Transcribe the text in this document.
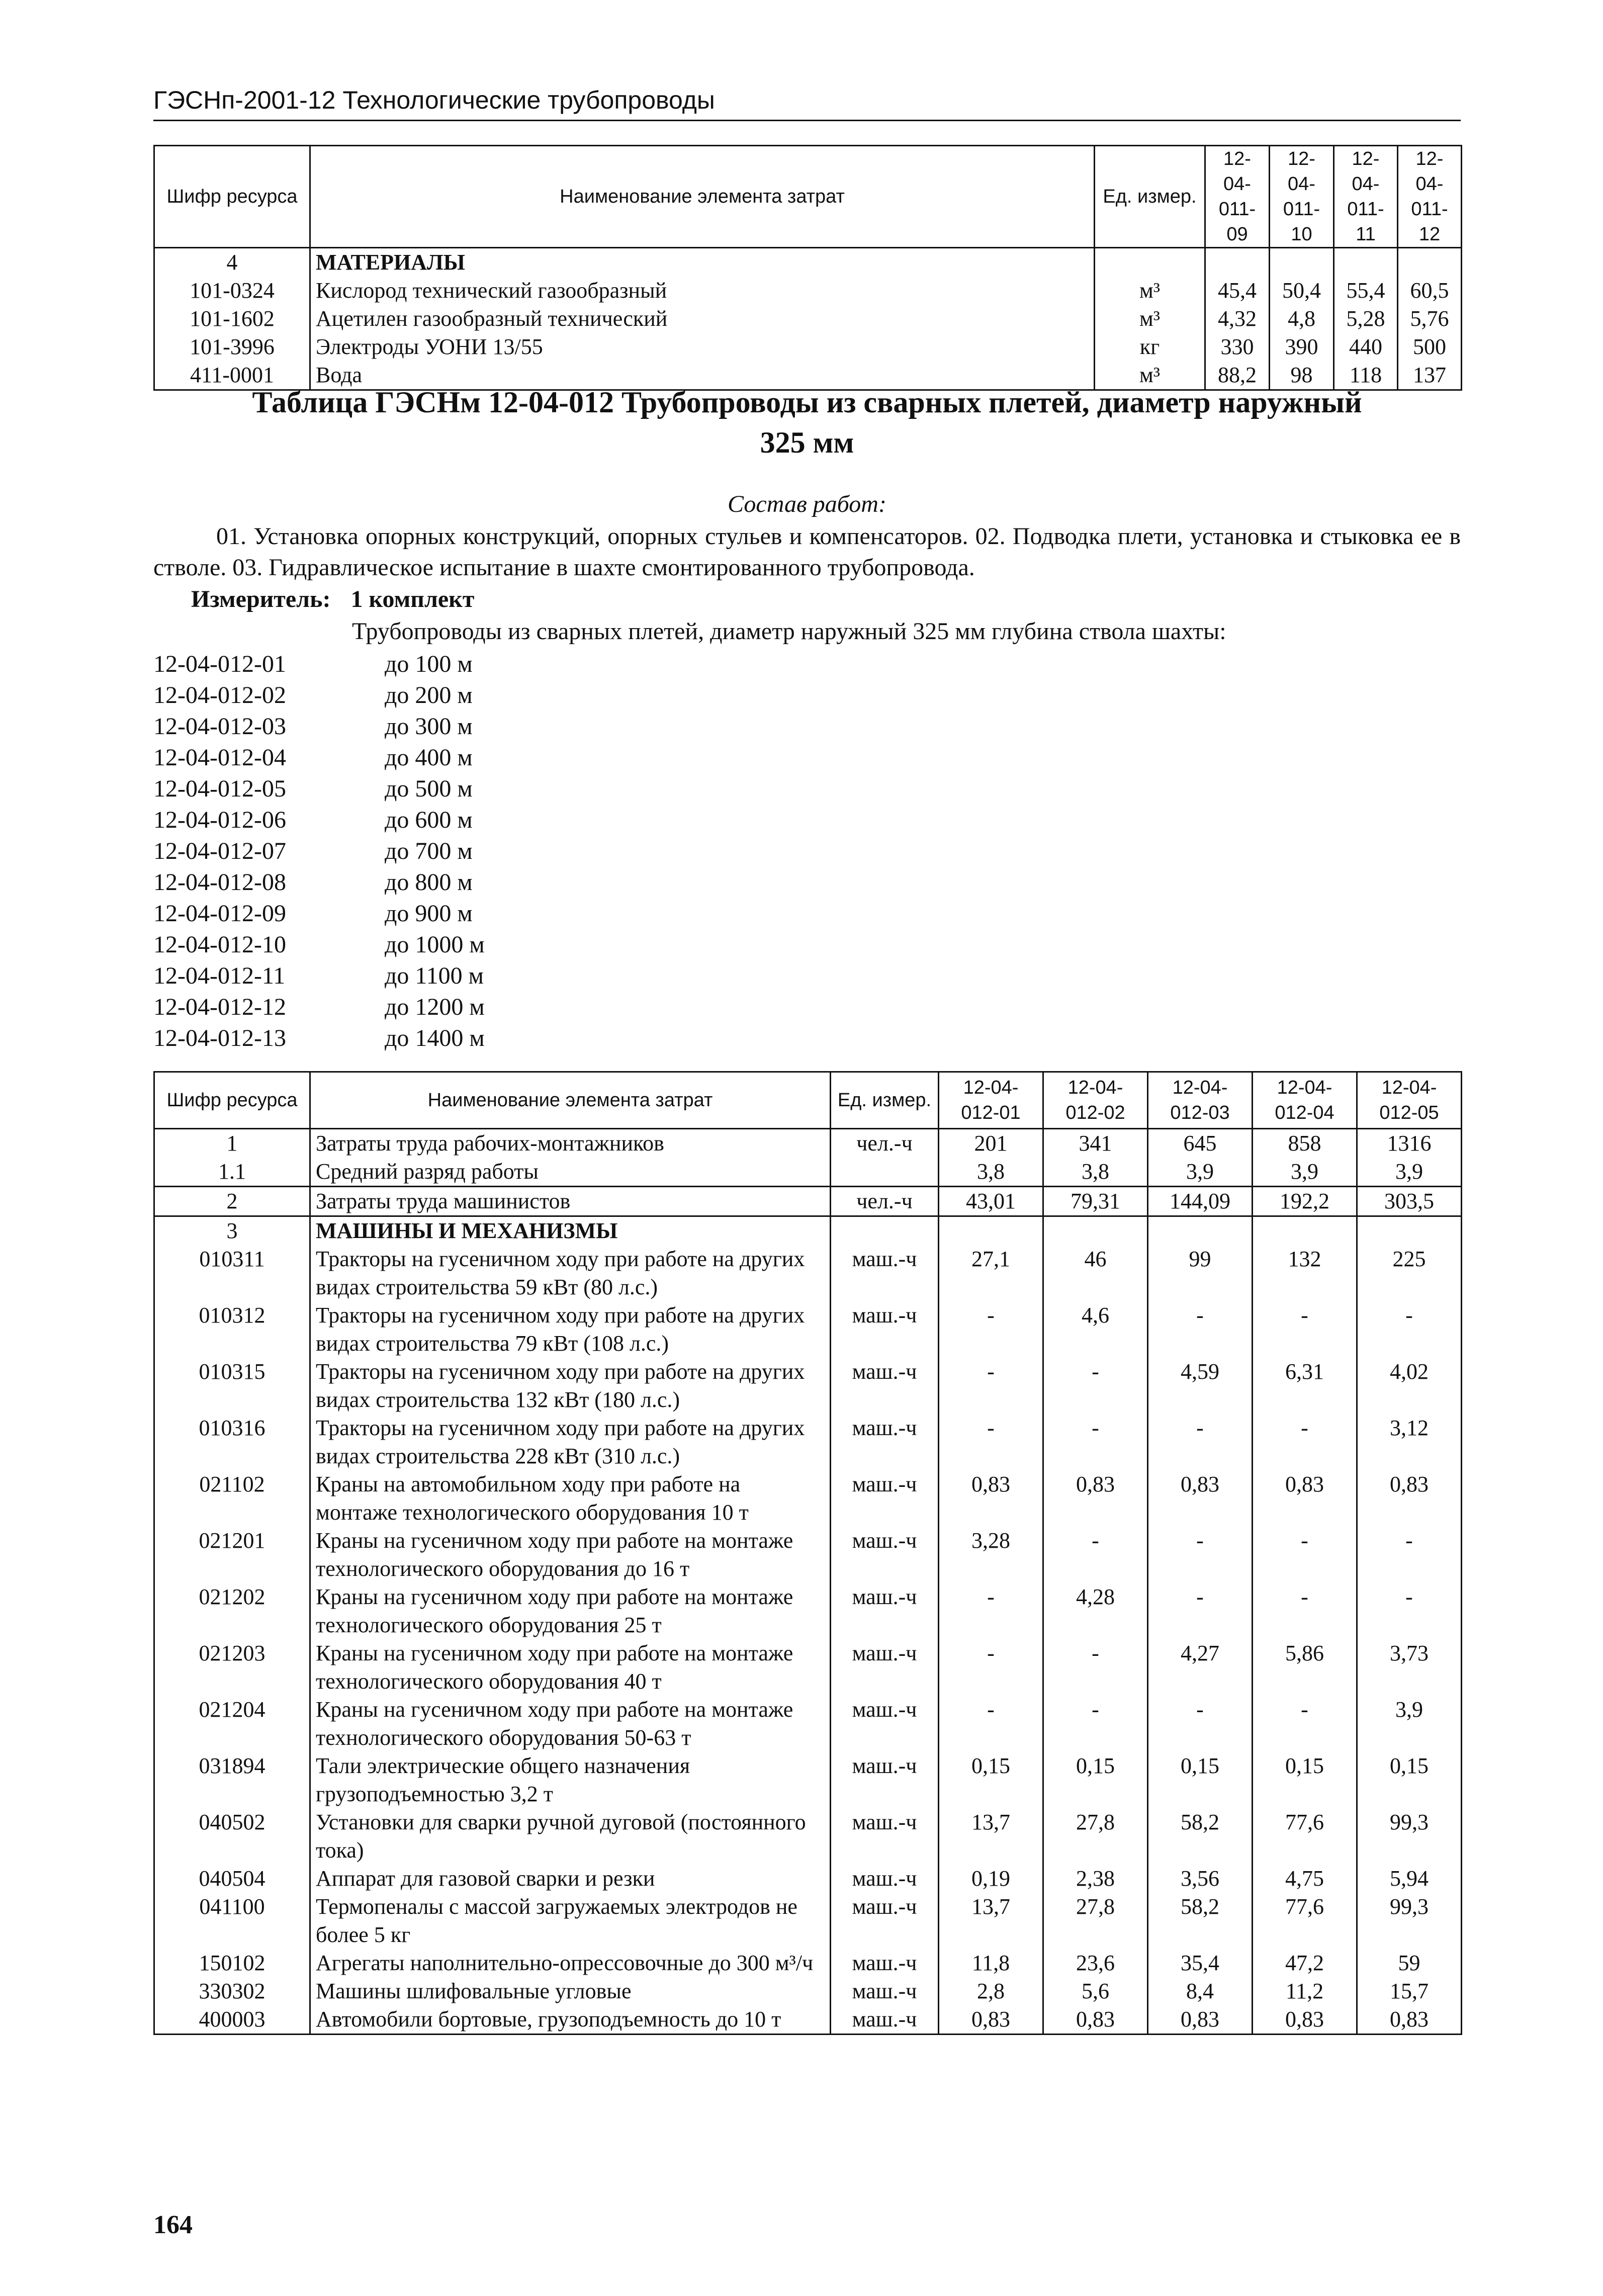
ГЭСНп-2001-12 Технологические трубопроводы
Шифр ресурса	Наименование элемента затрат	Ед. измер.	12-04-011-09	12-04-011-10	12-04-011-11	12-04-011-12
4	МАТЕРИАЛЫ					
101-0324	Кислород технический газообразный	м³	45,4	50,4	55,4	60,5
101-1602	Ацетилен газообразный технический	м³	4,32	4,8	5,28	5,76
101-3996	Электроды УОНИ 13/55	кг	330	390	440	500
411-0001	Вода	м³	88,2	98	118	137
Таблица ГЭСНм 12-04-012 Трубопроводы из сварных плетей, диаметр наружный
325 мм
Состав работ:
01. Установка опорных конструкций, опорных стульев и компенсаторов. 02. Подводка плети, установка и стыковка ее в стволе. 03. Гидравлическое испытание в шахте смонтированного трубопровода.
Измеритель: 1 комплект
Трубопроводы из сварных плетей, диаметр наружный 325 мм глубина ствола шахты:
12-04-012-01	до 100 м
12-04-012-02	до 200 м
12-04-012-03	до 300 м
12-04-012-04	до 400 м
12-04-012-05	до 500 м
12-04-012-06	до 600 м
12-04-012-07	до 700 м
12-04-012-08	до 800 м
12-04-012-09	до 900 м
12-04-012-10	до 1000 м
12-04-012-11	до 1100 м
12-04-012-12	до 1200 м
12-04-012-13	до 1400 м
Шифр ресурса	Наименование элемента затрат	Ед. измер.	12-04-012-01	12-04-012-02	12-04-012-03	12-04-012-04	12-04-012-05
1	Затраты труда рабочих-монтажников	чел.-ч	201	341	645	858	1316
1.1	Средний разряд работы		3,8	3,8	3,9	3,9	3,9
2	Затраты труда машинистов	чел.-ч	43,01	79,31	144,09	192,2	303,5
3	МАШИНЫ И МЕХАНИЗМЫ						
010311	Тракторы на гусеничном ходу при работе на других видах строительства 59 кВт (80 л.с.)	маш.-ч	27,1	46	99	132	225
010312	Тракторы на гусеничном ходу при работе на других видах строительства 79 кВт (108 л.с.)	маш.-ч	-	4,6	-	-	-
010315	Тракторы на гусеничном ходу при работе на других видах строительства 132 кВт (180 л.с.)	маш.-ч	-	-	4,59	6,31	4,02
010316	Тракторы на гусеничном ходу при работе на других видах строительства 228 кВт (310 л.с.)	маш.-ч	-	-	-	-	3,12
021102	Краны на автомобильном ходу при работе на монтаже технологического оборудования 10 т	маш.-ч	0,83	0,83	0,83	0,83	0,83
021201	Краны на гусеничном ходу при работе на монтаже технологического оборудования до 16 т	маш.-ч	3,28	-	-	-	-
021202	Краны на гусеничном ходу при работе на монтаже технологического оборудования 25 т	маш.-ч	-	4,28	-	-	-
021203	Краны на гусеничном ходу при работе на монтаже технологического оборудования 40 т	маш.-ч	-	-	4,27	5,86	3,73
021204	Краны на гусеничном ходу при работе на монтаже технологического оборудования 50-63 т	маш.-ч	-	-	-	-	3,9
031894	Тали электрические общего назначения грузоподъемностью 3,2 т	маш.-ч	0,15	0,15	0,15	0,15	0,15
040502	Установки для сварки ручной дуговой (постоянного тока)	маш.-ч	13,7	27,8	58,2	77,6	99,3
040504	Аппарат для газовой сварки и резки	маш.-ч	0,19	2,38	3,56	4,75	5,94
041100	Термопеналы с массой загружаемых электродов не более 5 кг	маш.-ч	13,7	27,8	58,2	77,6	99,3
150102	Агрегаты наполнительно-опрессовочные до 300 м³/ч	маш.-ч	11,8	23,6	35,4	47,2	59
330302	Машины шлифовальные угловые	маш.-ч	2,8	5,6	8,4	11,2	15,7
400003	Автомобили бортовые, грузоподъемность до 10 т	маш.-ч	0,83	0,83	0,83	0,83	0,83
164
